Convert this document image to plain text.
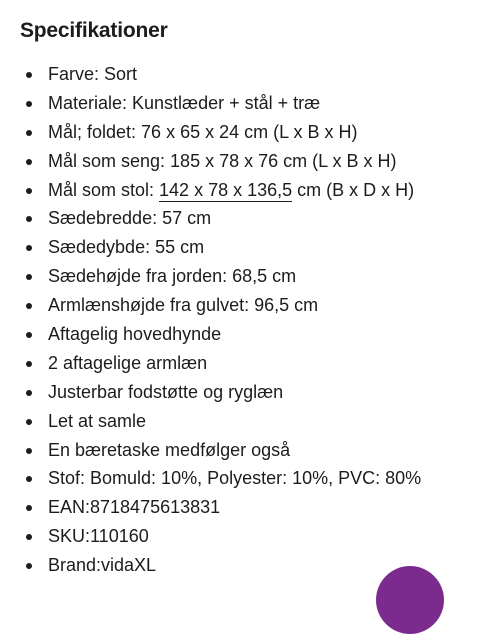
Specifikationer
Farve: Sort
Materiale: Kunstlæder + stål + træ
Mål; foldet: 76 x 65 x 24 cm (L x B x H)
Mål som seng: 185 x 78 x 76 cm (L x B x H)
Mål som stol: 142 x 78 x 136,5 cm (B x D x H)
Sædebredde: 57 cm
Sædedybde: 55 cm
Sædehøjde fra jorden: 68,5 cm
Armlænshøjde fra gulvet: 96,5 cm
Aftagelig hovedhynde
2 aftagelige armlæn
Justerbar fodstøtte og ryglæn
Let at samle
En bæretaske medfølger også
Stof: Bomuld: 10%, Polyester: 10%, PVC: 80%
EAN:8718475613831
SKU:110160
Brand:vidaXL
